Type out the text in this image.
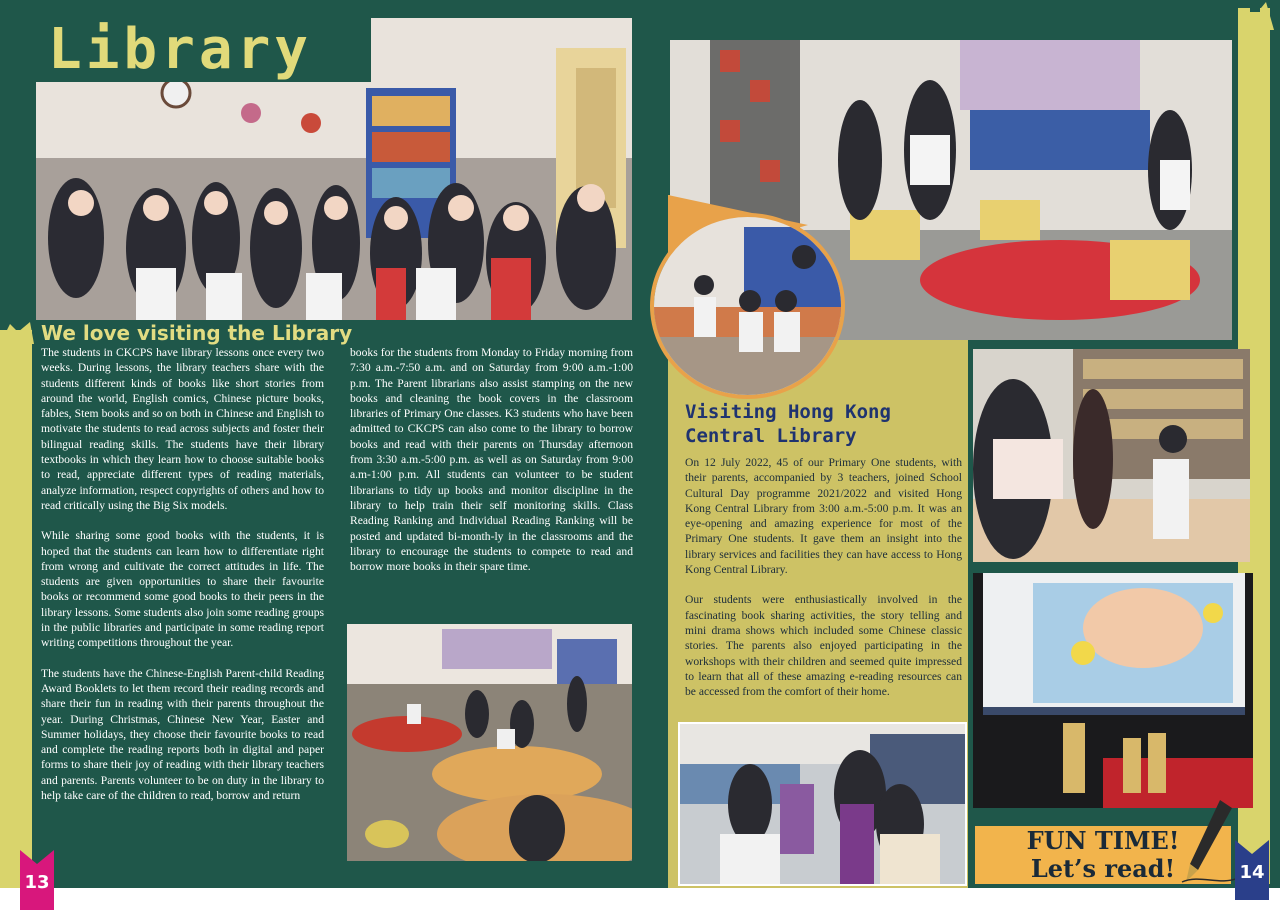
Library
We love visiting the Library

The students in CKCPS have library lessons once every two weeks. During lessons, the library teachers share with the students different kinds of books like short stories from around the world, English comics, Chinese picture books, fables, Stem books and so on both in Chinese and English to motivate the students to read across subjects and foster their bilingual reading skills. The students have their library textbooks in which they learn how to choose suitable books to read, appreciate different types of reading materials, analyze information, respect copyrights of others and how to read critically using the Big Six models.

While sharing some good books with the students, it is hoped that the students can learn how to differentiate right from wrong and cultivate the correct attitudes in life. The students are given opportunities to share their favourite books or recommend some good books to their peers in the library lessons. Some students also join some reading groups in the public libraries and participate in some reading report writing competitions throughout the year.

The students have the Chinese-English Parent-child Reading Award Booklets to let them record their reading records and share their fun in reading with their parents throughout the year. During Christmas, Chinese New Year, Easter and Summer holidays, they choose their favourite books to read and complete the reading reports both in digital and paper forms to share their joy of reading with their library teachers and parents. Parents volunteer to be on duty in the library to help take care of the children to read, borrow and return

books for the students from Monday to Friday morning from 7:30 a.m.-7:50 a.m. and on Saturday from 9:00 a.m.-1:00 p.m. The Parent librarians also assist stamping on the new books and cleaning the book covers in the classroom libraries of Primary One classes. K3 students who have been admitted to CKCPS can also come to the library to borrow books and read with their parents on Thursday afternoon from 3:30 a.m.-5:00 p.m. as well as on Saturday from 9:00 a.m-1:00 p.m. All students can volunteer to be student librarians to tidy up books and monitor discipline in the library to help train their self monitoring skills. Class Reading Ranking and Individual Reading Ranking will be posted and updated bi-month-ly in the classrooms and the library to encourage the students to compete to read and borrow more books in their spare time.

Visiting Hong Kong
Central Library

On 12 July 2022, 45 of our Primary One students, with their parents, accompanied by 3 teachers, joined School Cultural Day programme 2021/2022 and visited Hong Kong Central Library from 3:00 a.m.-5:00 p.m. It was an eye-opening and amazing experience for most of the Primary One students. It gave them an insight into the library services and facilities they can have access to Hong Kong Central Library.

Our students were enthusiastically involved in the fascinating book sharing activities, the story telling and mini drama shows which included some Chinese classic stories. The parents also enjoyed participating in the workshops with their children and seemed quite impressed to learn that all of these amazing e-reading resources can be accessed from the comfort of their home.

FUN TIME!
Let’s read!
13	14
